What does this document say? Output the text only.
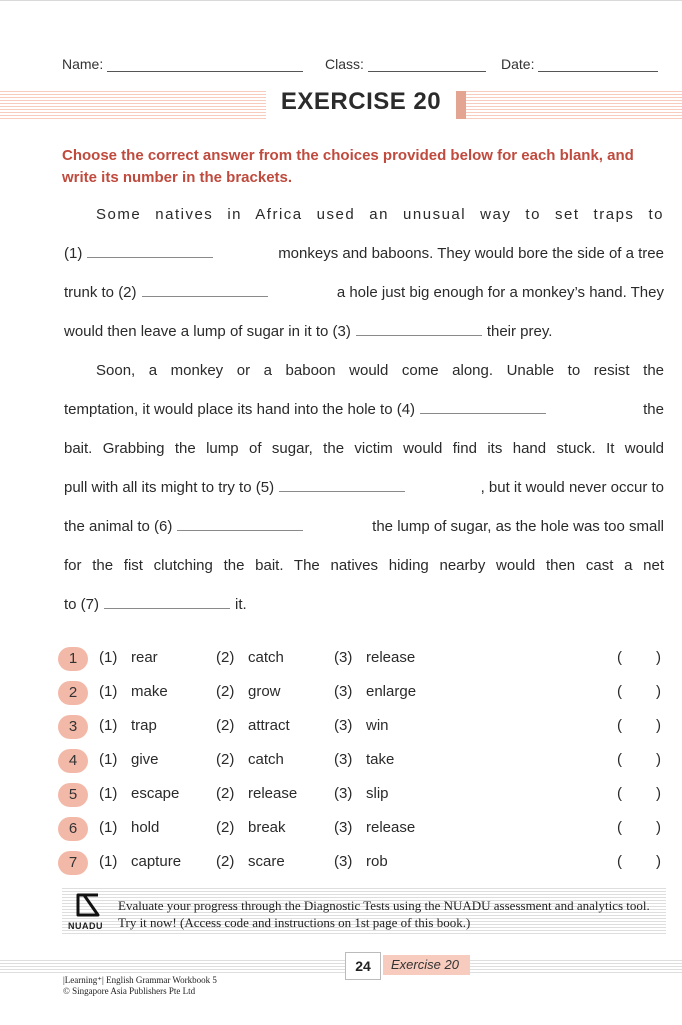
Name:	Class:	Date:
EXERCISE 20
Choose the correct answer from the choices provided below for each blank, and write its number in the brackets.
Some natives in Africa used an unusual way to set traps to
(1)	monkeys and baboons. They would bore the side of a tree
trunk to (2)	a hole just big enough for a monkey’s hand. They
would then leave a lump of sugar in it to (3)	their prey.
Soon, a monkey or a baboon would come along. Unable to resist the
temptation, it would place its hand into the hole to (4)	the
bait. Grabbing the lump of sugar, the victim would find its hand stuck. It would
pull with all its might to try to (5)	, but it would never occur to
the animal to (6)	the lump of sugar, as the hole was too small
for the fist clutching the bait. The natives hiding nearby would then cast a net
to (7)	it.
1	(1) rear	(2) catch	(3) release	( )
2	(1) make	(2) grow	(3) enlarge	( )
3	(1) trap	(2) attract	(3) win	( )
4	(1) give	(2) catch	(3) take	( )
5	(1) escape (2) release (3) slip	( )
6	(1) hold	(2) break	(3) release	( )
7	(1) capture (2) scare	(3) rob	( )
NUADU
Evaluate your progress through the Diagnostic Tests using the NUADU assessment and analytics tool. Try it now! (Access code and instructions on 1st page of this book.)
24	Exercise 20
|Learning⁺| English Grammar Workbook 5
© Singapore Asia Publishers Pte Ltd
